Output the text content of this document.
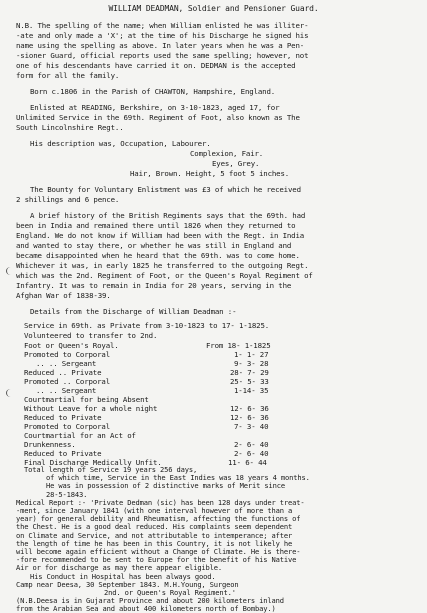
WILLIAM DEADMAN, Soldier and Pensioner Guard.
N.B. The spelling of the name; when William enlisted he was illiter-
-ate and only made a 'X'; at the time of his Discharge he signed his
name using the spelling as above. In later years when he was a Pen-
-sioner Guard, official reports used the same spelling; however, not
one of his descendants have carried it on. DEDMAN is the accepted
form for all the family.
Born c.1806 in the Parish of CHAWTON, Hampshire, England.
Enlisted at READING, Berkshire, on 3-10-1823, aged 17, for
Unlimited Service in the 69th. Regiment of Foot, also known as The
South Lincolnshire Regt..
His description was, Occupation, Labourer.
Complexion, Fair.
Eyes, Grey.
Hair, Brown. Height, 5 foot 5 inches.
The Bounty for Voluntary Enlistment was £3 of which he received
2 shillings and 6 pence.
A brief history of the British Regiments says that the 69th. had
been in India and remained there until 1826 when they returned to
England. We do not know if William had been with the Regt. in India
and wanted to stay there, or whether he was still in England and
became disappointed when he heard that the 69th. was to come home.
Whichever it was, in early 1825 he transferred to the outgoing Regt.
which was the 2nd. Regiment of Foot, or the Queen's Royal Regiment of
Infantry. It was to remain in India for 20 years, serving in the
Afghan War of 1838-39.
Details from the Discharge of William Deadman :-
Service in 69th. as Private from 3-10-1823 to 17- 1-1825.
Volunteered to transfer to 2nd.
Foot or Queen's Royal.	From 18- 1-1825
Promoted to Corporal	1- 1- 27
.. .. Sergeant	9- 3- 28
Reduced .. Private	28- 7- 29
Promoted .. Corporal	25- 5- 33
.. .. Sergeant	1-14- 35
Courtmartial for being Absent
Without Leave for a whole night	12- 6- 36
Reduced to Private	12- 6- 36
Promoted to Corporal	7- 3- 40
Courtmartial for an Act of
Drunkenness.	2- 6- 40
Reduced to Private	2- 6- 40
Final Discharge Medically Unfit.	11- 6- 44
Total length of Service 19 years 256 days,
of which time, Service in the East Indies was 18 years 4 months.
He was in possession of 2 distinctive marks of Merit since
28-5-1843.
Medical Report :- 'Private Dedman (sic) has been 128 days under treat-
-ment, since January 1841 (with one interval however of more than a
year) for general debility and Rheumatism, affecting the functions of
the Chest. He is a good deal reduced. His complaints seem dependent
on Climate and Service, and not attributable to intemperance; after
the length of time he has been in this Country, it is not likely he
will become again efficient without a Change of Climate. He is there-
-fore recommended to be sent to Europe for the benefit of his Native
Air or for discharge as may there appear eligible.
His Conduct in Hospital has been always good.
Camp near Deesa, 30 September 1843. M.H.Young, Surgeon
2nd. or Queen's Royal Regiment.'
(N.B.Deesa is in Gujarat Province and about 200 kilometers inland
from the Arabian Sea and about 400 kilometers north of Bombay.)
